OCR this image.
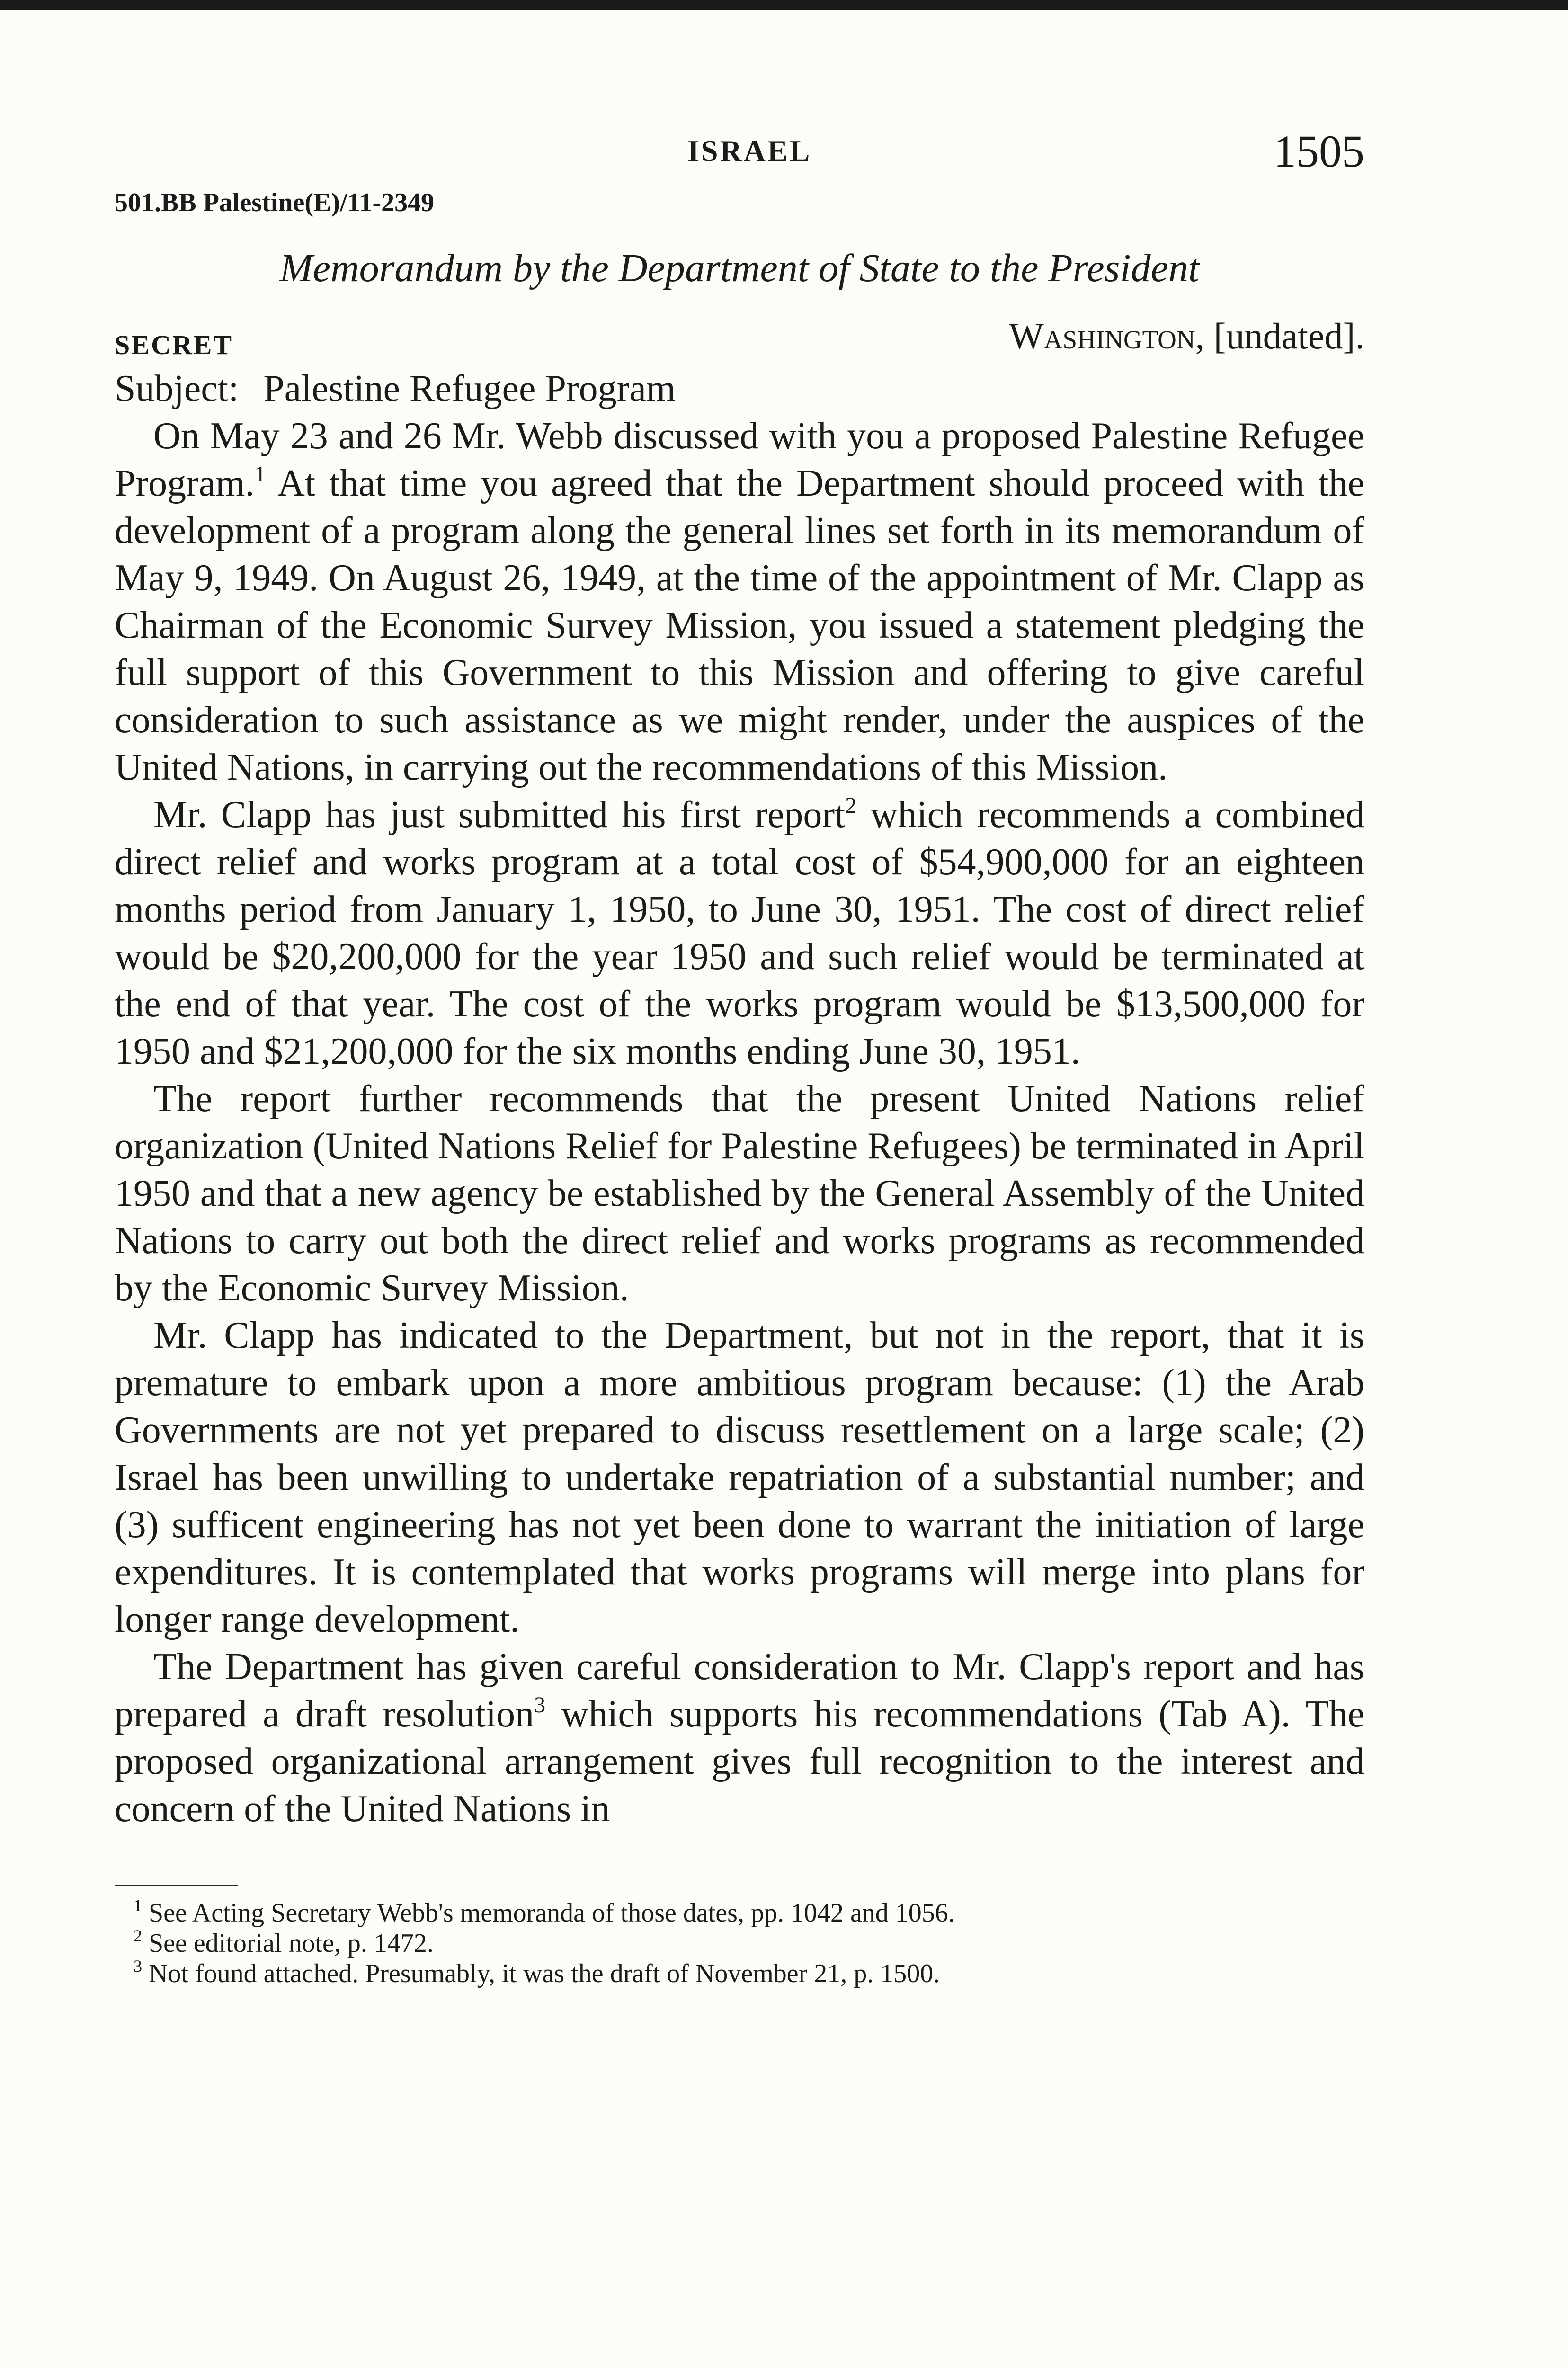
ISRAEL	1505
501.BB Palestine(E)/11-2349
Memorandum by the Department of State to the President
SECRET	Washington, [undated].
Subject: Palestine Refugee Program

On May 23 and 26 Mr. Webb discussed with you a proposed Palestine Refugee Program.$^1$ At that time you agreed that the Department should proceed with the development of a program along the general lines set forth in its memorandum of May 9, 1949. On August 26, 1949, at the time of the appointment of Mr. Clapp as Chairman of the Economic Survey Mission, you issued a statement pledging the full support of this Government to this Mission and offering to give careful consideration to such assistance as we might render, under the auspices of the United Nations, in carrying out the recommendations of this Mission.

Mr. Clapp has just submitted his first report$^2$ which recommends a combined direct relief and works program at a total cost of $54,900,000 for an eighteen months period from January 1, 1950, to June 30, 1951. The cost of direct relief would be $20,200,000 for the year 1950 and such relief would be terminated at the end of that year. The cost of the works program would be $13,500,000 for 1950 and $21,200,000 for the six months ending June 30, 1951.

The report further recommends that the present United Nations relief organization (United Nations Relief for Palestine Refugees) be terminated in April 1950 and that a new agency be established by the General Assembly of the United Nations to carry out both the direct relief and works programs as recommended by the Economic Survey Mission.

Mr. Clapp has indicated to the Department, but not in the report, that it is premature to embark upon a more ambitious program because: (1) the Arab Governments are not yet prepared to discuss resettlement on a large scale; (2) Israel has been unwilling to undertake repatriation of a substantial number; and (3) sufficent engineering has not yet been done to warrant the initiation of large expenditures. It is contemplated that works programs will merge into plans for longer range development.

The Department has given careful consideration to Mr. Clapp's report and has prepared a draft resolution$^3$ which supports his recommendations (Tab A). The proposed organizational arrangement gives full recognition to the interest and concern of the United Nations in

$^1$ See Acting Secretary Webb's memoranda of those dates, pp. 1042 and 1056.
$^2$ See editorial note, p. 1472.
$^3$ Not found attached. Presumably, it was the draft of November 21, p. 1500.
